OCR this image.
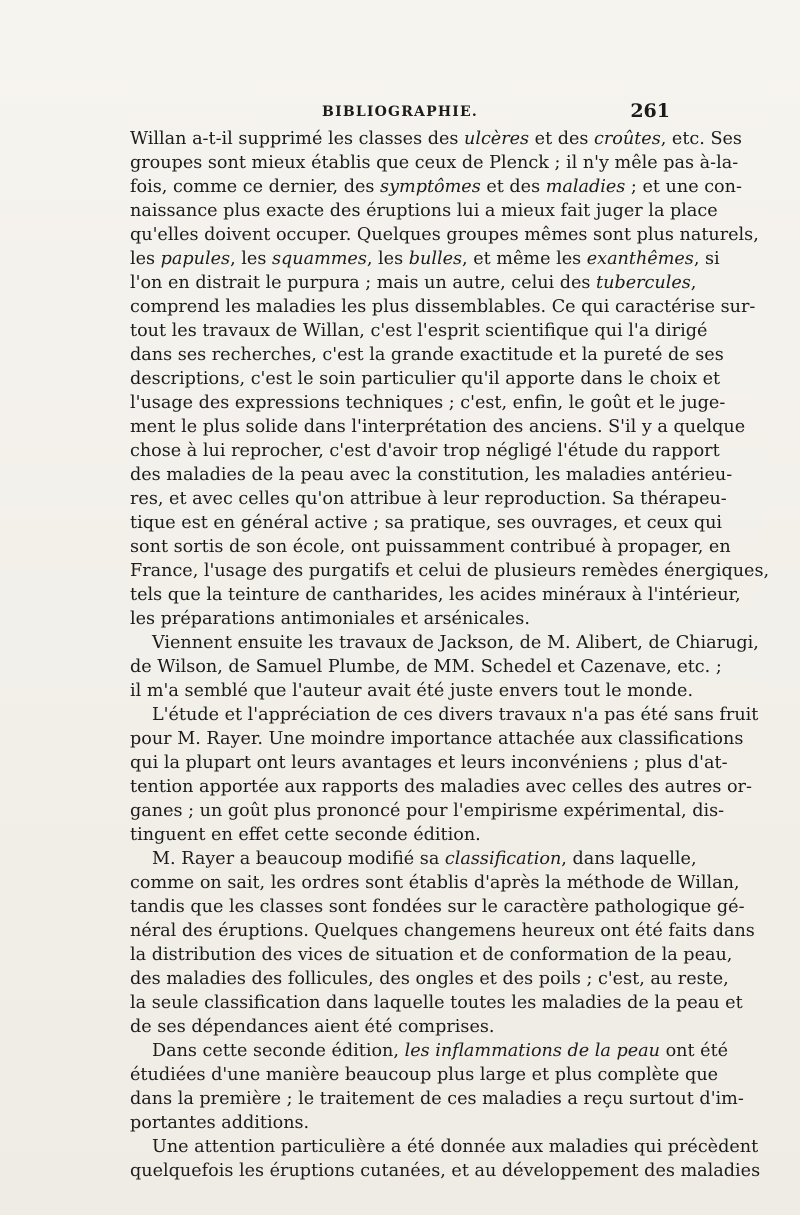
BIBLIOGRAPHIE.	261
Willan a-t-il supprimé les classes des ulcères et des croûtes, etc. Ses
groupes sont mieux établis que ceux de Plenck ; il n'y mêle pas à-la-
fois, comme ce dernier, des symptômes et des maladies ; et une con-
naissance plus exacte des éruptions lui a mieux fait juger la place
qu'elles doivent occuper. Quelques groupes mêmes sont plus naturels,
les papules, les squammes, les bulles, et même les exanthêmes, si
l'on en distrait le purpura ; mais un autre, celui des tubercules,
comprend les maladies les plus dissemblables. Ce qui caractérise sur-
tout les travaux de Willan, c'est l'esprit scientifique qui l'a dirigé
dans ses recherches, c'est la grande exactitude et la pureté de ses
descriptions, c'est le soin particulier qu'il apporte dans le choix et
l'usage des expressions techniques ; c'est, enfin, le goût et le juge-
ment le plus solide dans l'interprétation des anciens. S'il y a quelque
chose à lui reprocher, c'est d'avoir trop négligé l'étude du rapport
des maladies de la peau avec la constitution, les maladies antérieu-
res, et avec celles qu'on attribue à leur reproduction. Sa thérapeu-
tique est en général active ; sa pratique, ses ouvrages, et ceux qui
sont sortis de son école, ont puissamment contribué à propager, en
France, l'usage des purgatifs et celui de plusieurs remèdes énergiques,
tels que la teinture de cantharides, les acides minéraux à l'intérieur,
les préparations antimoniales et arsénicales.
Viennent ensuite les travaux de Jackson, de M. Alibert, de Chiarugi,
de Wilson, de Samuel Plumbe, de MM. Schedel et Cazenave, etc. ;
il m'a semblé que l'auteur avait été juste envers tout le monde.
L'étude et l'appréciation de ces divers travaux n'a pas été sans fruit
pour M. Rayer. Une moindre importance attachée aux classifications
qui la plupart ont leurs avantages et leurs inconvéniens ; plus d'at-
tention apportée aux rapports des maladies avec celles des autres or-
ganes ; un goût plus prononcé pour l'empirisme expérimental, dis-
tinguent en effet cette seconde édition.
M. Rayer a beaucoup modifié sa classification, dans laquelle,
comme on sait, les ordres sont établis d'après la méthode de Willan,
tandis que les classes sont fondées sur le caractère pathologique gé-
néral des éruptions. Quelques changemens heureux ont été faits dans
la distribution des vices de situation et de conformation de la peau,
des maladies des follicules, des ongles et des poils ; c'est, au reste,
la seule classification dans laquelle toutes les maladies de la peau et
de ses dépendances aient été comprises.
Dans cette seconde édition, les inflammations de la peau ont été
étudiées d'une manière beaucoup plus large et plus complète que
dans la première ; le traitement de ces maladies a reçu surtout d'im-
portantes additions.
Une attention particulière a été donnée aux maladies qui précèdent
quelquefois les éruptions cutanées, et au développement des maladies
